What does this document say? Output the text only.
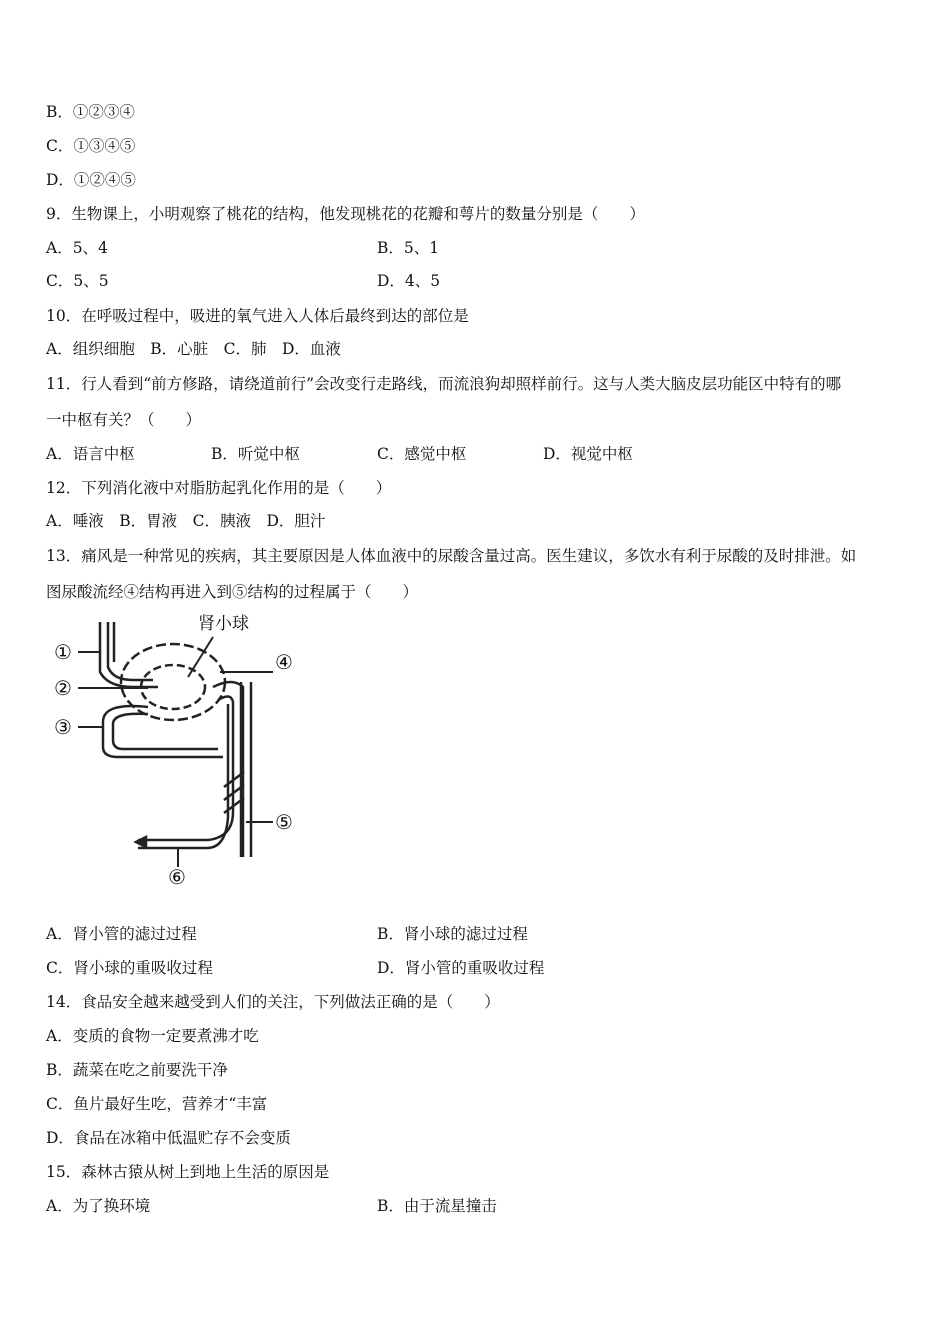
B．①②③④
C．①③④⑤
D．①②④⑤
9．生物课上，小明观察了桃花的结构，他发现桃花的花瓣和萼片的数量分别是（　　）
A．5、4	B．5、1
C．5、5	D．4、5
10．在呼吸过程中，吸进的氧气进入人体后最终到达的部位是
A．组织细胞　B．心脏　C．肺　D．血液
11．行人看到“前方修路，请绕道前行”会改变行走路线，而流浪狗却照样前行。这与人类大脑皮层功能区中特有的哪
一中枢有关？（　　）
A．语言中枢	B．听觉中枢	C．感觉中枢	D．视觉中枢
12．下列消化液中对脂肪起乳化作用的是（　　）
A．唾液　B．胃液　C．胰液　D．胆汁
13．痛风是一种常见的疾病，其主要原因是人体血液中的尿酸含量过高。医生建议，多饮水有利于尿酸的及时排泄。如
图尿酸流经④结构再进入到⑤结构的过程属于（　　）
肾小球
①
②
③
④
⑤
⑥
A．肾小管的滤过过程	B．肾小球的滤过过程
C．肾小球的重吸收过程	D．肾小管的重吸收过程
14．食品安全越来越受到人们的关注，下列做法正确的是（　　）
A．变质的食物一定要煮沸才吃
B．蔬菜在吃之前要洗干净
C．鱼片最好生吃，营养才“丰富
D．食品在冰箱中低温贮存不会变质
15．森林古猿从树上到地上生活的原因是
A．为了换环境	B．由于流星撞击
